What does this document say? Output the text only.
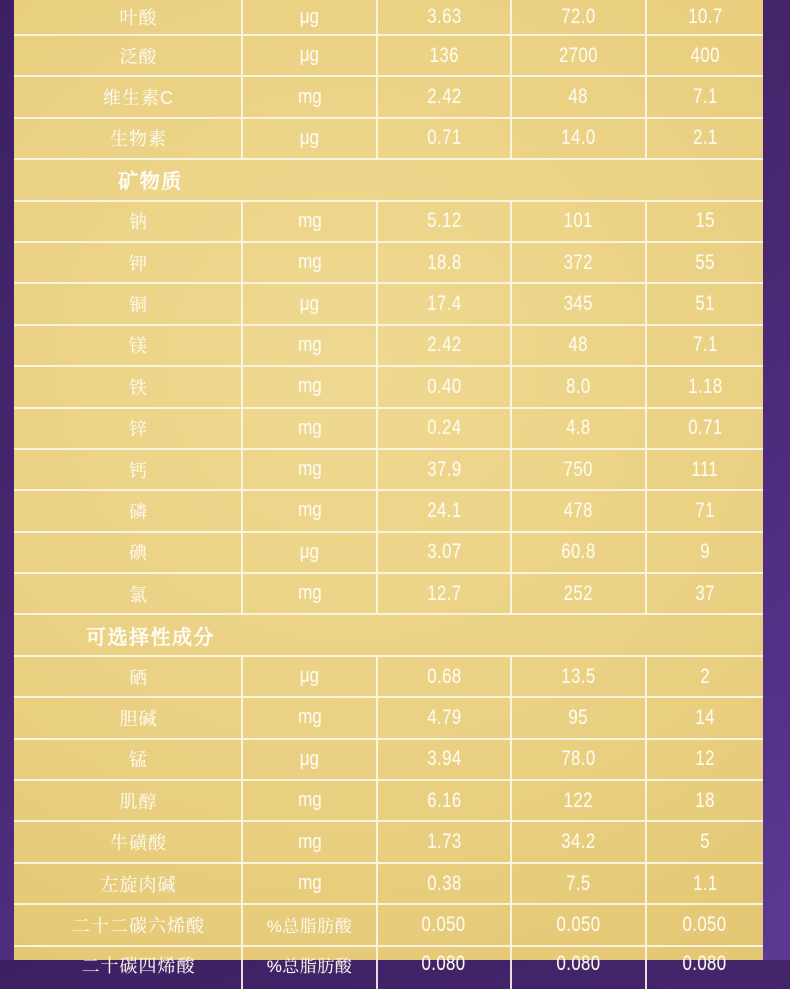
叶酸	μg	3.63	72.0	10.7
泛酸	μg	136	2700	400
维生素C	mg	2.42	48	7.1
生物素	μg	0.71	14.0	2.1
矿物质
钠	mg	5.12	101	15
钾	mg	18.8	372	55
铜	μg	17.4	345	51
镁	mg	2.42	48	7.1
铁	mg	0.40	8.0	1.18
锌	mg	0.24	4.8	0.71
钙	mg	37.9	750	111
磷	mg	24.1	478	71
碘	μg	3.07	60.8	9
氯	mg	12.7	252	37
可选择性成分
硒	μg	0.68	13.5	2
胆碱	mg	4.79	95	14
锰	μg	3.94	78.0	12
肌醇	mg	6.16	122	18
牛磺酸	mg	1.73	34.2	5
左旋肉碱	mg	0.38	7.5	1.1
二十二碳六烯酸	%总脂肪酸	0.050	0.050	0.050
二十碳四烯酸	%总脂肪酸	0.080	0.080	0.080
